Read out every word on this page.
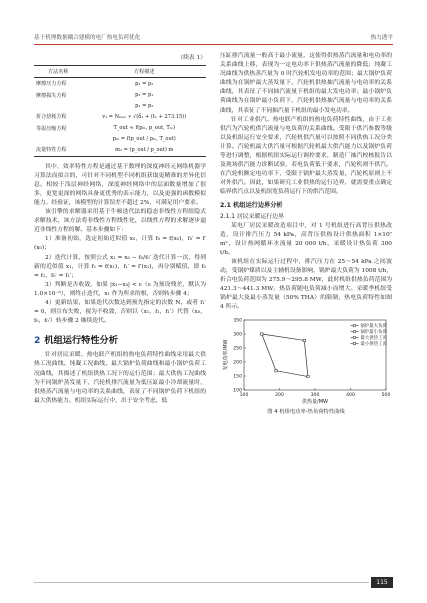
基于机理数据耦合建模的电厂热电负荷优化	热力透平
（续表 1）
方法名称	方程描述
摩擦压力方程	p₁ = p₂
摩擦损失方程	p₂ = p₁
	p₁ = p₂
折合焓耗方程	v₁ = Nₘₐₓ ∗ √(δ₁ + (t₁ + 273.15))
等温压缩方程	T_out ≈ f(pᵢₙ, p_out, Tᵢₙ)
	pᵢₙ = f(p_out / pᵢₙ, T_out)
流量特性方程	m₂ = (p_out / p_out) m

其中，效率特性方程是通过基于数理的深度神经元网络机器学习算法而拟合的，可针对不同机型不同机组获取更精准的差异化信息。相较于浅层神经网络，深度神经网络中的层面数量增加了很多，更宽更深的网络具备更优秀的表示能力，以及更强的函数模拟能力。经验证，该模型的计算误差不超过 2%，可满足用户要求。

该引擎的求解器采用基于牛顿迭代法的稳态非线性方程组隐式求解技术，该方法将非线性方程线性化，以线性方程的求解逐步逼近非线性方程的解。基本步骤如下：

1）准备初始，选定初始近似值 x₀，计算 f₀ = f(x₀)，f₀′ = f′(x₀)；

2）迭代计算，按照公式 x₁ = x₀ − f₀/f₀′ 迭代计算一次，得到新的近似值 x₁，计算 f₁ = f(x₁)，f₁′ = f′(x₁)，再分别赋值，即 f₀ = f₁，f₀′ = f₁′；

3）判断是否收敛，如果 |x₁−x₀| < ε（ε 为预设残差，默认为 1.0×10⁻⁶），则终止迭代，x₁ 作为所求的根，否则转步骤 4；

4）更新结果，如果迭代次数达到预先指定的次数 N，或者 f₁′ = 0，则宣布失败，视为不收敛，否则以（x₁，f₁，f₁′）代替（x₀，f₀，f₀′）转步骤 2 继续迭代。

2 机组运行特性分析

针对居民采暖、热电联产机组的热电负荷特性曲线采用最大供热工况曲线、纯凝工况曲线、最大锅炉负荷曲线和最小锅炉负荷工况曲线，其描述了机组供热工况下的运行范围；最大供热工况曲线为不同锅炉蒸发量下，汽轮机排汽流量为低压缸最小冷却流量时，供热蒸汽流量与电功率的关系曲线，表征了不同锅炉负荷下机组的最大供热能力。机组实际运行中，出于安全考虑，低

压缸排汽流量一般高于最小流量，这使得供热蒸汽流量和电功率的关系曲线上移，表现为一定电功率下供热蒸汽流量的降低；纯凝工况曲线为供热蒸汽量为 0 时汽轮机发电功率的范围；最大锅炉负荷曲线为在锅炉最大蒸发量下，汽轮机供热抽汽流量与电功率的关系曲线，其表征了不同抽汽流量下机组的最大发电功率；最小锅炉负荷曲线为在锅炉最小负荷下，汽轮机供热抽汽流量与电功率的关系曲线，其表征了不同抽汽量下机组的最小发电功率。

针对工业供汽、热电联产机组的热电负荷特性曲线，由于工业供汽为汽轮机供汽流量与电负荷的关系曲线。受限于供汽参数等级以及机组运行安全要求，汽轮机供汽量可以按照不同供热工况分类计算。汽轮机最大供汽量可根据汽轮机最大供汽能力以及锅炉负荷等进行调整，根据机组实际运行调控要求，制造厂抽汽校核报告以及现场供汽能力诊断试验，若电负荷低于要求，汽轮机则不供汽。在汽轮机额定电功率下，受限于锅炉最大蒸发量，汽轮机原则上不对外供汽。因此，如果研究工业供热的运行边界，就需要重点确定临界供汽点以及机组宽负荷运行下的供汽范围。

2.1 机组运行边界分析
2.1.1 居民采暖运行边界

某电厂居民采暖改造项目中，对 1 号机组进行高背压供热改造，设计排汽压力 54 kPa，高背压供热设计供热面积 1×10⁷ m²，设计热网循环水流量 20 000 t/h，采暖设计热负荷 300 t/h。

该机组在实际运行过程中，排汽压力在 25～54 kPa 之间波动，受锅炉煤质以及主辅机设备影响，锅炉最大负荷为 1008 t/h，折合电负荷范围为 275.9～295.8 MW，此时机组供热负荷范围为 421.3～441.3 MW。热负荷随电负荷减小而增大。采暖季机组受锅炉最大及最小蒸发量（50% THA）的限制，热电负荷特性如图 4 所示。

100	200	300	400	500
100
150
200
250
300
350
供热量/MW
发电功率/MW
锅炉最大负荷
锅炉最小负荷
最大供热工况
最小供热工况
图 4 机组电功率-热负荷特性曲线
115
